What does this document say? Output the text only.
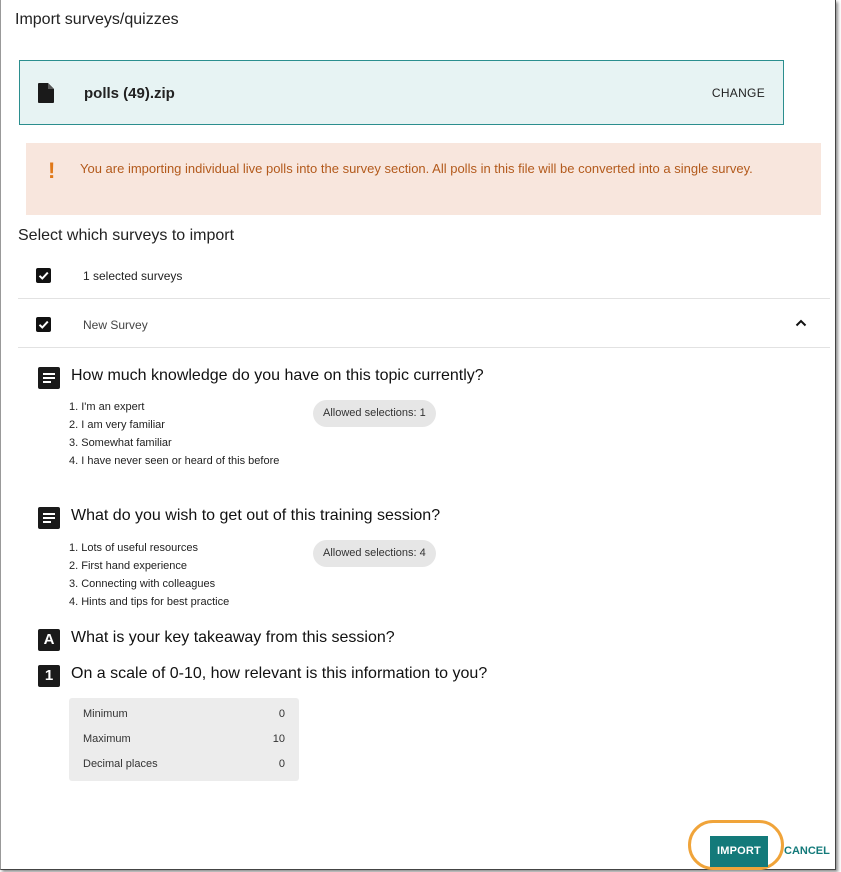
Import surveys/quizzes
polls (49).zip	CHANGE
! You are importing individual live polls into the survey section. All polls in this file will be converted into a single survey.
Select which surveys to import
1 selected surveys
New Survey
How much knowledge do you have on this topic currently?
1. I'm an expert
2. I am very familiar
3. Somewhat familiar
4. I have never seen or heard of this before
Allowed selections: 1
What do you wish to get out of this training session?
1. Lots of useful resources
2. First hand experience
3. Connecting with colleagues
4. Hints and tips for best practice
Allowed selections: 4
A	What is your key takeaway from this session?
1	On a scale of 0-10, how relevant is this information to you?
Minimum	0
Maximum	10
Decimal places	0
IMPORT	CANCEL
